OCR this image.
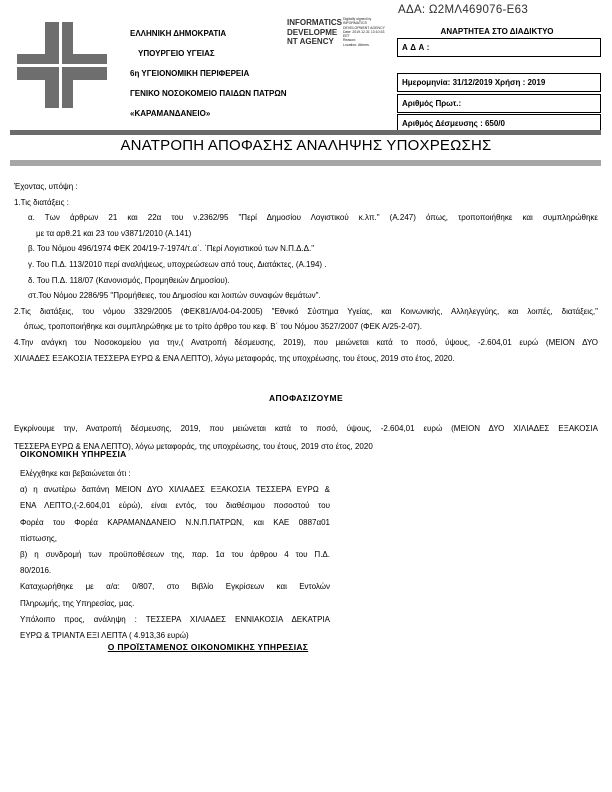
ΑΔΑ: Ω2ΜΛ469076-Ε63
ΕΛΛΗΝΙΚΗ ΔΗΜΟΚΡΑΤΙΑ
ΥΠΟΥΡΓΕΙΟ ΥΓΕΙΑΣ
6η ΥΓΕΙΟΝΟΜΙΚΗ ΠΕΡΙΦΕΡΕΙΑ
ΓΕΝΙΚΟ ΝΟΣΟΚΟΜΕΙΟ ΠΑΙΔΩΝ ΠΑΤΡΩΝ
«ΚΑΡΑΜΑΝΔΑΝΕΙΟ»
INFORMATICS DEVELOPMENT AGENCY
Digitally signed by
INFORMATICS
DEVELOPMENT AGENCY
Date: 2019.12.31 13:10:33
EET
Reason:
Location: Athens
ΑΝΑΡΤΗΤΕΑ ΣΤΟ ΔΙΑΔΙΚΤΥΟ
ΑΔΑ:
Ημερομηνία: 31/12/2019 Χρήση : 2019
Αριθμός Πρωτ.:
Αριθμός Δέσμευσης : 650/0
ΑΝΑΤΡΟΠΗ ΑΠΟΦΑΣΗΣ ΑΝΑΛΗΨΗΣ ΥΠΟΧΡΕΩΣΗΣ
Έχοντας, υπόψη :
1.Τις διατάξεις :
α. Των άρθρων 21 και 22α του ν.2362/95 "Περί Δημοσίου Λογιστικού κ.λπ." (Α.247) όπως, τροποποιήθηκε και συμπληρώθηκε
με τα αρθ.21 και 23 του ν3871/2010 (Α.141)
β. Του Νόμου 496/1974 ΦΕΚ 204/19-7-1974/τ.α΄. ΄Περί Λογιστικού των Ν.Π.Δ.Δ."
γ. Του Π.Δ. 113/2010 περί αναλήψεως, υποχρεώσεων από τους, Διατάκτες, (Α.194) .
δ. Του Π.Δ. 118/07 (Κανονισμός, Προμηθειών Δημοσίου).
στ.Του Νόμου 2286/95 "Προμήθειες, του Δημοσίου και λοιπών συναφών θεμάτων".
2.Τις διατάξεις, του νόμου 3329/2005 (ΦΕΚ81/Α/04-04-2005) "Εθνικό Σύστημα Υγείας, και Κοινωνικής, Αλληλεγγύης, και λοιπές, διατάξεις,"
όπως, τροποποιήθηκε και συμπληρώθηκε με το τρίτο άρθρο του κεφ. Β΄ του Νόμου 3527/2007 (ΦΕΚ Α/25-2-07).
4.Την ανάγκη του Νοσοκομείου για την,( Ανατροπή δέσμευσης, 2019), που μειώνεται κατά το ποσό, ύψους, -2.604,01 ευρώ (ΜΕΙΟΝ ΔΥΟ
ΧΙΛΙΑΔΕΣ ΕΞΑΚΟΣΙΑ ΤΕΣΣΕΡΑ ΕΥΡΩ & ΕΝΑ ΛΕΠΤΟ), λόγω μεταφοράς, της υποχρέωσης, του έτους, 2019 στο έτος, 2020.
ΑΠΟΦΑΣΙΖΟΥΜΕ
Εγκρίνουμε την, Ανατροπή δέσμευσης, 2019, που μειώνεται κατά το ποσό, ύψους, -2.604,01 ευρώ (ΜΕΙΟΝ ΔΥΟ ΧΙΛΙΑΔΕΣ ΕΞΑΚΟΣΙΑ
ΤΕΣΣΕΡΑ ΕΥΡΩ & ΕΝΑ ΛΕΠΤΟ), λόγω μεταφοράς, της υποχρέωσης, του έτους, 2019 στο έτος, 2020
ΟΙΚΟΝΟΜΙΚΗ ΥΠΗΡΕΣΙΑ
Ελέγχθηκε και βεβαιώνεται ότι :
α) η ανωτέρω δαπάνη ΜΕΙΟΝ ΔΥΟ ΧΙΛΙΑΔΕΣ ΕΞΑΚΟΣΙΑ ΤΕΣΣΕΡΑ ΕΥΡΩ &
ΕΝΑ ΛΕΠΤΟ,(-2.604,01 εύρώ), είναι εντός, του διαθέσιμου ποσοστού του
Φορέα του Φορέα ΚΑΡΑΜΑΝΔΑΝΕΙΟ Ν.Ν.Π.ΠΑΤΡΩΝ, και ΚΑΕ 0887α01
πίστωσης,
β) η συνδρομή των προϋποθέσεων της, παρ. 1α του άρθρου 4 του Π.Δ.
80/2016.
Καταχωρήθηκε με α/α: 0/807, στο Βιβλίο Εγκρίσεων και Εντολών
Πληρωμής, της Υπηρεσίας, μας.
Υπόλοιπο προς, ανάληψη : ΤΕΣΣΕΡΑ ΧΙΛΙΑΔΕΣ ΕΝΝΙΑΚΟΣΙΑ ΔΕΚΑΤΡΙΑ
ΕΥΡΩ & ΤΡΙΑΝΤΑ ΕΞΙ ΛΕΠΤΑ ( 4.913,36 ευρώ)
Ο ΠΡΟΪΣΤΑΜΕΝΟΣ ΟΙΚΟΝΟΜΙΚΗΣ ΥΠΗΡΕΣΙΑΣ
